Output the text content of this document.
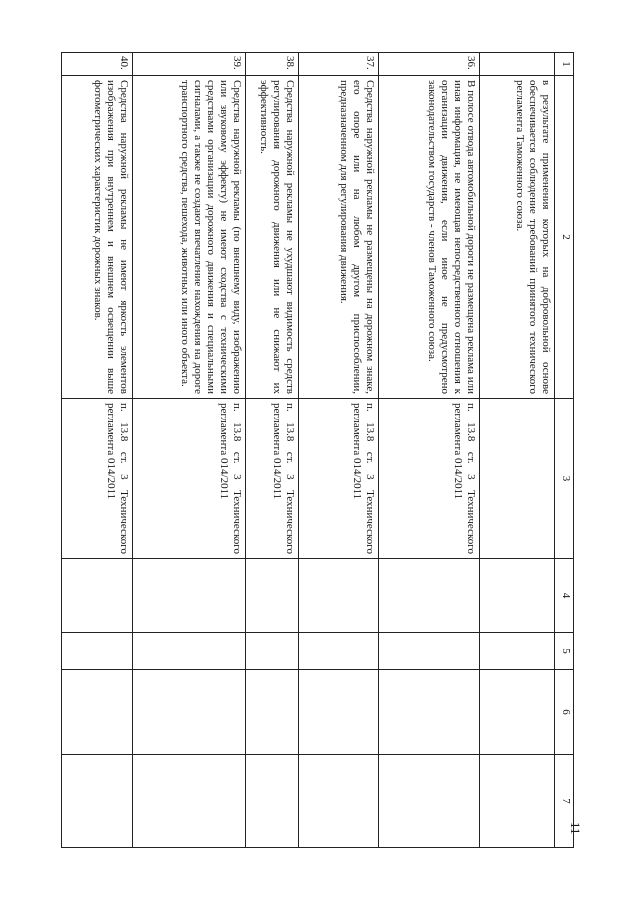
11
1	2	3	4	5	6	7
	в результате применения которых на добровольной основе обеспечивается соблюдение требований принятого технического регламента Таможенного союза.					
36.	В полосе отвода автомобильной дороги не размещена реклама или иная информация, не имеющая непосредственного отношения к организации движения, если иное не предусмотрено законодательством государств - членов Таможенного союза.	п. 13.8 ст. 3 Технического регламента 014/2011				
37.	Средства наружной рекламы не размещены на дорожном знаке, его опоре или на любом другом приспособлении, предназначенном для регулирования движения.	п. 13.8 ст. 3 Технического регламента 014/2011				
38.	Средства наружной рекламы не ухудшают видимость средств регулирования дорожного движения или не снижают их эффективность.	п. 13.8 ст. 3 Технического регламента 014/2011				
39.	Средства наружной рекламы (по внешнему виду, изображению или звуковому эффекту) не имеют сходства с техническими средствами организации дорожного движения и специальными сигналами, а также не создают впечатление нахождения на дороге транспортного средства, пешехода, животных или иного объекта.	п. 13.8 ст. 3 Технического регламента 014/2011				
40.	Средства наружной рекламы не имеют яркость элементов изображения при внутреннем и внешнем освещении выше фотометрических характеристик дорожных знаков.	п. 13.8 ст. 3 Технического регламента 014/2011				
